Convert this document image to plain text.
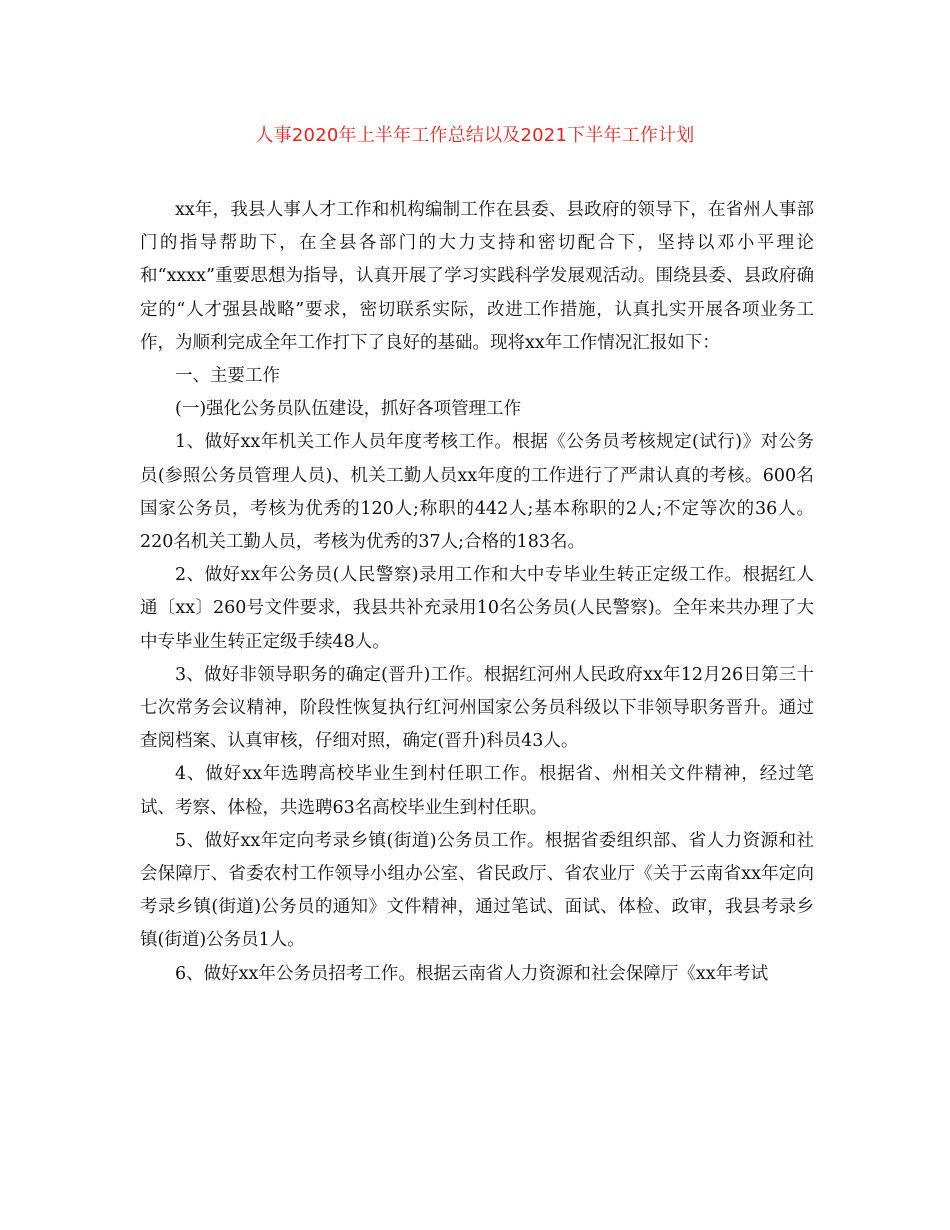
人事2020年上半年工作总结以及2021下半年工作计划

xx年，我县人事人才工作和机构编制工作在县委、县政府的领导下，在省州人事部门的指导帮助下，在全县各部门的大力支持和密切配合下，坚持以邓小平理论和“xxxx”重要思想为指导，认真开展了学习实践科学发展观活动。围绕县委、县政府确定的“人才强县战略”要求，密切联系实际，改进工作措施，认真扎实开展各项业务工作，为顺利完成全年工作打下了良好的基础。现将xx年工作情况汇报如下：

一、主要工作

(一)强化公务员队伍建设，抓好各项管理工作

1、做好xx年机关工作人员年度考核工作。根据《公务员考核规定(试行)》对公务员(参照公务员管理人员)、机关工勤人员xx年度的工作进行了严肃认真的考核。600名国家公务员，考核为优秀的120人;称职的442人;基本称职的2人;不定等次的36人。220名机关工勤人员，考核为优秀的37人;合格的183名。

2、做好xx年公务员(人民警察)录用工作和大中专毕业生转正定级工作。根据红人通〔xx〕260号文件要求，我县共补充录用10名公务员(人民警察)。全年来共办理了大中专毕业生转正定级手续48人。

3、做好非领导职务的确定(晋升)工作。根据红河州人民政府xx年12月26日第三十七次常务会议精神，阶段性恢复执行红河州国家公务员科级以下非领导职务晋升。通过查阅档案、认真审核，仔细对照，确定(晋升)科员43人。

4、做好xx年选聘高校毕业生到村任职工作。根据省、州相关文件精神，经过笔试、考察、体检，共选聘63名高校毕业生到村任职。

5、做好xx年定向考录乡镇(街道)公务员工作。根据省委组织部、省人力资源和社会保障厅、省委农村工作领导小组办公室、省民政厅、省农业厅《关于云南省xx年定向考录乡镇(街道)公务员的通知》文件精神，通过笔试、面试、体检、政审，我县考录乡镇(街道)公务员1人。

6、做好xx年公务员招考工作。根据云南省人力资源和社会保障厅《xx年考试
